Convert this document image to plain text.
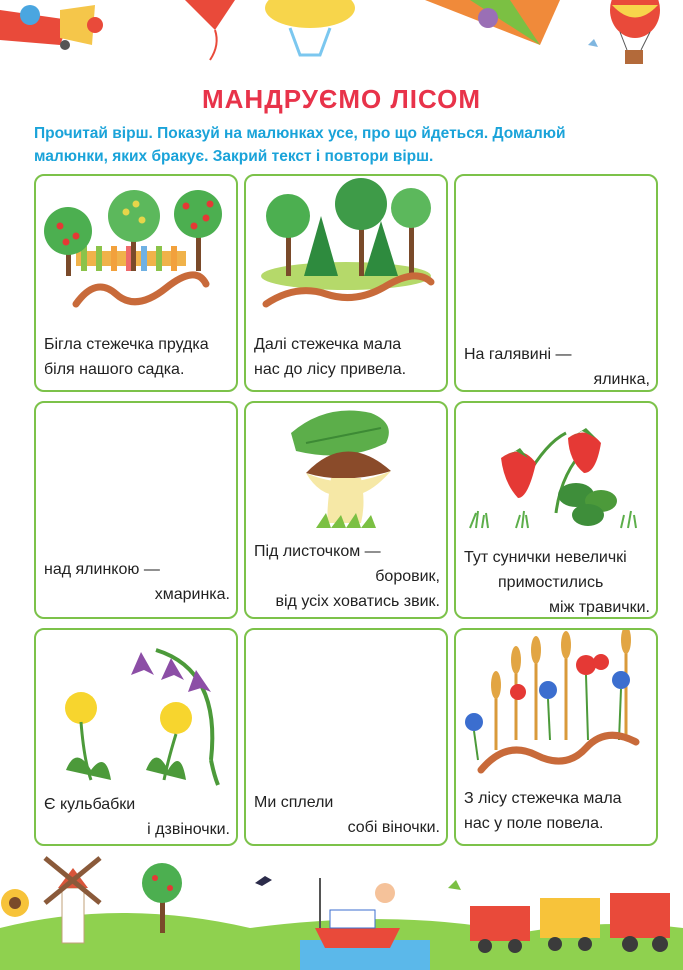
МАНДРУЄМО ЛІСОМ
Прочитай вірш. Показуй на малюнках усе, про що йдеться. Домалюй
малюнки, яких бракує. Закрий текст і повтори вірш.
Бігла стежечка прудка
біля нашого садка.
Далі стежечка мала
нас до лісу привела.
На галявині —
ялинка,
над ялинкою —
хмаринка.
Під листочком —
боровик,
від усіх ховатись звик.
Тут сунички невеличкі
примостились
між травички.
Є кульбабки
і дзвіночки.
Ми сплели
собі віночки.
З лісу стежечка мала
нас у поле повела.
